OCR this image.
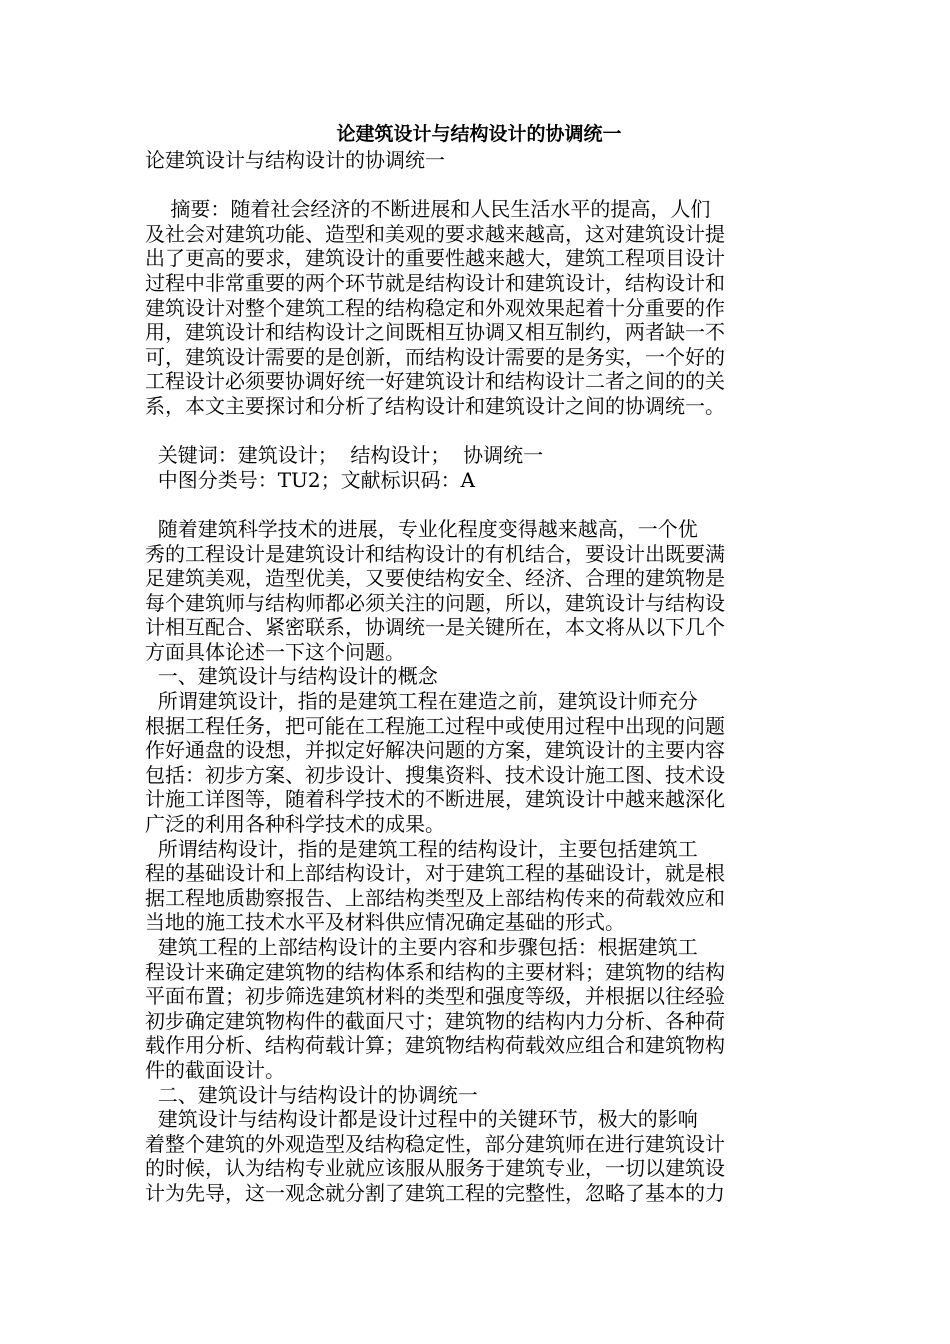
论建筑设计与结构设计的协调统一

论建筑设计与结构设计的协调统一

摘要：随着社会经济的不断进展和人民生活水平的提高，人们

及社会对建筑功能、造型和美观的要求越来越高，这对建筑设计提

出了更高的要求，建筑设计的重要性越来越大，建筑工程项目设计

过程中非常重要的两个环节就是结构设计和建筑设计，结构设计和

建筑设计对整个建筑工程的结构稳定和外观效果起着十分重要的作

用，建筑设计和结构设计之间既相互协调又相互制约，两者缺一不

可，建筑设计需要的是创新，而结构设计需要的是务实，一个好的

工程设计必须要协调好统一好建筑设计和结构设计二者之间的的关

系，本文主要探讨和分析了结构设计和建筑设计之间的协调统一。

关键词：建筑设计；  结构设计；  协调统一

中图分类号：TU2；文献标识码：A

随着建筑科学技术的进展，专业化程度变得越来越高，一个优

秀的工程设计是建筑设计和结构设计的有机结合，要设计出既要满

足建筑美观，造型优美，又要使结构安全、经济、合理的建筑物是

每个建筑师与结构师都必须关注的问题，所以，建筑设计与结构设

计相互配合、紧密联系，协调统一是关键所在，本文将从以下几个

方面具体论述一下这个问题。

一、建筑设计与结构设计的概念

所谓建筑设计，指的是建筑工程在建造之前，建筑设计师充分

根据工程任务，把可能在工程施工过程中或使用过程中出现的问题

作好通盘的设想，并拟定好解决问题的方案，建筑设计的主要内容

包括：初步方案、初步设计、搜集资料、技术设计施工图、技术设

计施工详图等，随着科学技术的不断进展，建筑设计中越来越深化

广泛的利用各种科学技术的成果。

所谓结构设计，指的是建筑工程的结构设计，主要包括建筑工

程的基础设计和上部结构设计，对于建筑工程的基础设计，就是根

据工程地质勘察报告、上部结构类型及上部结构传来的荷载效应和

当地的施工技术水平及材料供应情况确定基础的形式。

建筑工程的上部结构设计的主要内容和步骤包括：根据建筑工

程设计来确定建筑物的结构体系和结构的主要材料；建筑物的结构

平面布置；初步筛选建筑材料的类型和强度等级，并根据以往经验

初步确定建筑物构件的截面尺寸；建筑物的结构内力分析、各种荷

载作用分析、结构荷载计算；建筑物结构荷载效应组合和建筑物构

件的截面设计。

二、建筑设计与结构设计的协调统一

建筑设计与结构设计都是设计过程中的关键环节，极大的影响

着整个建筑的外观造型及结构稳定性，部分建筑师在进行建筑设计

的时候，认为结构专业就应该服从服务于建筑专业，一切以建筑设

计为先导，这一观念就分割了建筑工程的完整性，忽略了基本的力
